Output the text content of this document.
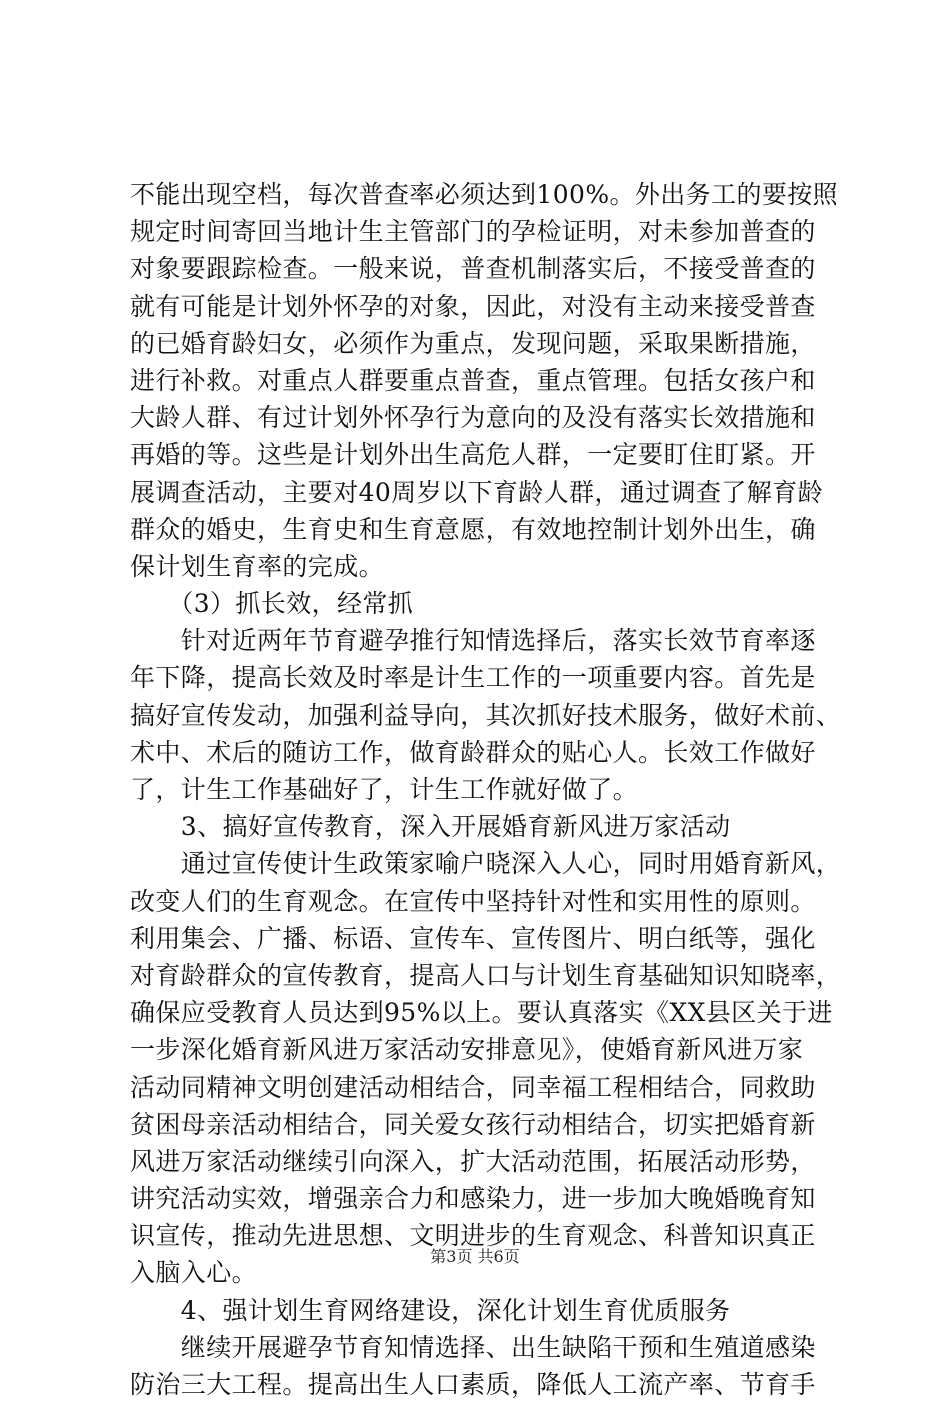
不能出现空档，每次普查率必须达到100%。外出务工的要按照
规定时间寄回当地计生主管部门的孕检证明，对未参加普查的
对象要跟踪检查。一般来说，普查机制落实后，不接受普查的
就有可能是计划外怀孕的对象，因此，对没有主动来接受普查
的已婚育龄妇女，必须作为重点，发现问题，采取果断措施，
进行补救。对重点人群要重点普查，重点管理。包括女孩户和
大龄人群、有过计划外怀孕行为意向的及没有落实长效措施和
再婚的等。这些是计划外出生高危人群，一定要盯住盯紧。开
展调查活动，主要对40周岁以下育龄人群，通过调查了解育龄
群众的婚史，生育史和生育意愿，有效地控制计划外出生，确
保计划生育率的完成。
　　（3）抓长效，经常抓
　　针对近两年节育避孕推行知情选择后，落实长效节育率逐
年下降，提高长效及时率是计生工作的一项重要内容。首先是
搞好宣传发动，加强利益导向，其次抓好技术服务，做好术前、
术中、术后的随访工作，做育龄群众的贴心人。长效工作做好
了，计生工作基础好了，计生工作就好做了。
　　3、搞好宣传教育，深入开展婚育新风进万家活动
　　通过宣传使计生政策家喻户晓深入人心，同时用婚育新风，
改变人们的生育观念。在宣传中坚持针对性和实用性的原则。
利用集会、广播、标语、宣传车、宣传图片、明白纸等，强化
对育龄群众的宣传教育，提高人口与计划生育基础知识知晓率，
确保应受教育人员达到95%以上。要认真落实《XX县区关于进
一步深化婚育新风进万家活动安排意见》，使婚育新风进万家
活动同精神文明创建活动相结合，同幸福工程相结合，同救助
贫困母亲活动相结合，同关爱女孩行动相结合，切实把婚育新
风进万家活动继续引向深入，扩大活动范围，拓展活动形势，
讲究活动实效，增强亲合力和感染力，进一步加大晚婚晚育知
识宣传，推动先进思想、文明进步的生育观念、科普知识真正
入脑入心。
　　4、强计划生育网络建设，深化计划生育优质服务
　　继续开展避孕节育知情选择、出生缺陷干预和生殖道感染
防治三大工程。提高出生人口素质，降低人工流产率、节育手
第3页 共6页
